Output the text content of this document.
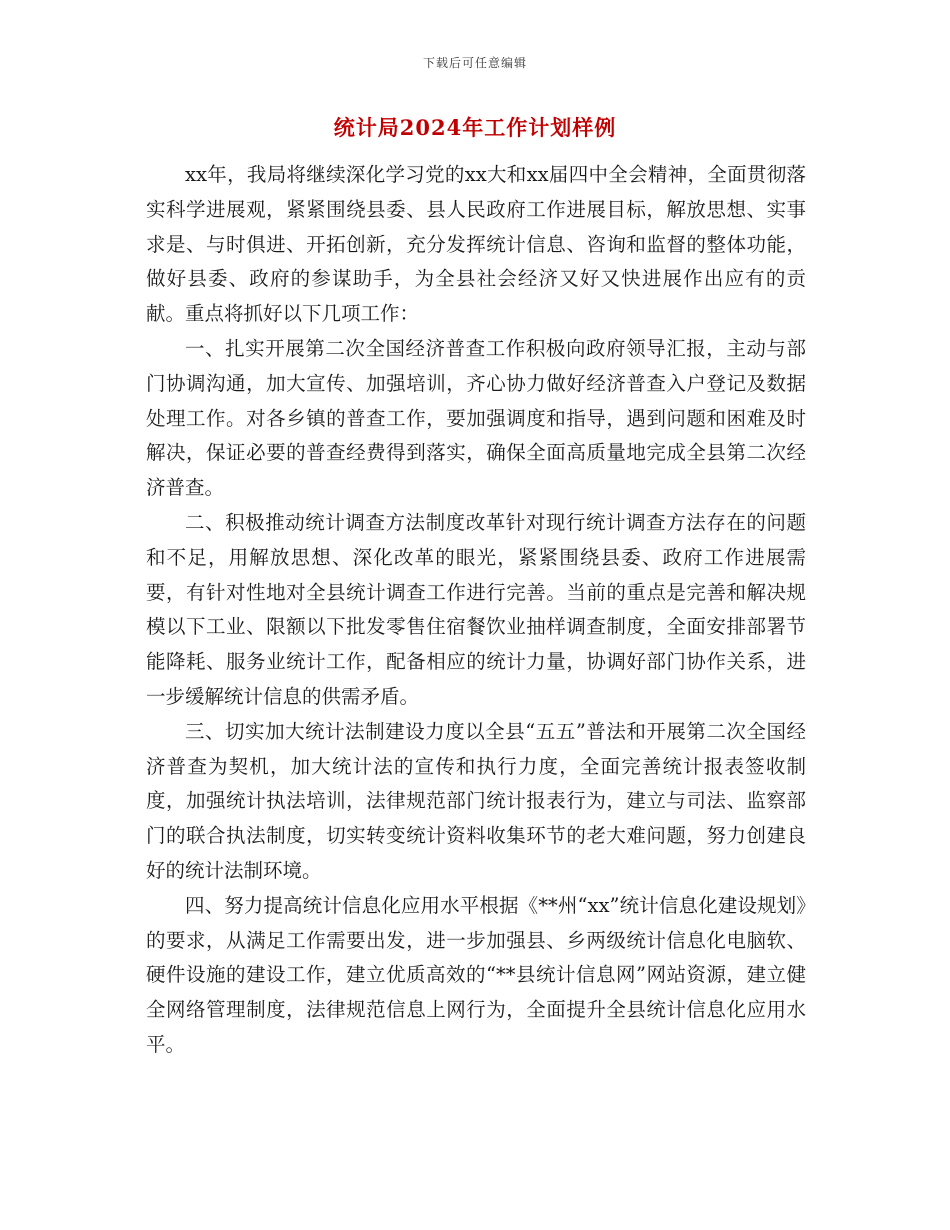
下载后可任意编辑
统计局2024年工作计划样例

xx年，我局将继续深化学习党的xx大和xx届四中全会精神，全面贯彻落实科学进展观，紧紧围绕县委、县人民政府工作进展目标，解放思想、实事求是、与时俱进、开拓创新，充分发挥统计信息、咨询和监督的整体功能，做好县委、政府的参谋助手，为全县社会经济又好又快进展作出应有的贡献。重点将抓好以下几项工作：

一、扎实开展第二次全国经济普查工作积极向政府领导汇报，主动与部门协调沟通，加大宣传、加强培训，齐心协力做好经济普查入户登记及数据处理工作。对各乡镇的普查工作，要加强调度和指导，遇到问题和困难及时解决，保证必要的普查经费得到落实，确保全面高质量地完成全县第二次经济普查。

二、积极推动统计调查方法制度改革针对现行统计调查方法存在的问题和不足，用解放思想、深化改革的眼光，紧紧围绕县委、政府工作进展需要，有针对性地对全县统计调查工作进行完善。当前的重点是完善和解决规模以下工业、限额以下批发零售住宿餐饮业抽样调查制度，全面安排部署节能降耗、服务业统计工作，配备相应的统计力量，协调好部门协作关系，进一步缓解统计信息的供需矛盾。

三、切实加大统计法制建设力度以全县“五五”普法和开展第二次全国经济普查为契机，加大统计法的宣传和执行力度，全面完善统计报表签收制度，加强统计执法培训，法律规范部门统计报表行为，建立与司法、监察部门的联合执法制度，切实转变统计资料收集环节的老大难问题，努力创建良好的统计法制环境。

四、努力提高统计信息化应用水平根据《**州“xx”统计信息化建设规划》的要求，从满足工作需要出发，进一步加强县、乡两级统计信息化电脑软、硬件设施的建设工作，建立优质高效的“**县统计信息网”网站资源，建立健全网络管理制度，法律规范信息上网行为，全面提升全县统计信息化应用水平。
